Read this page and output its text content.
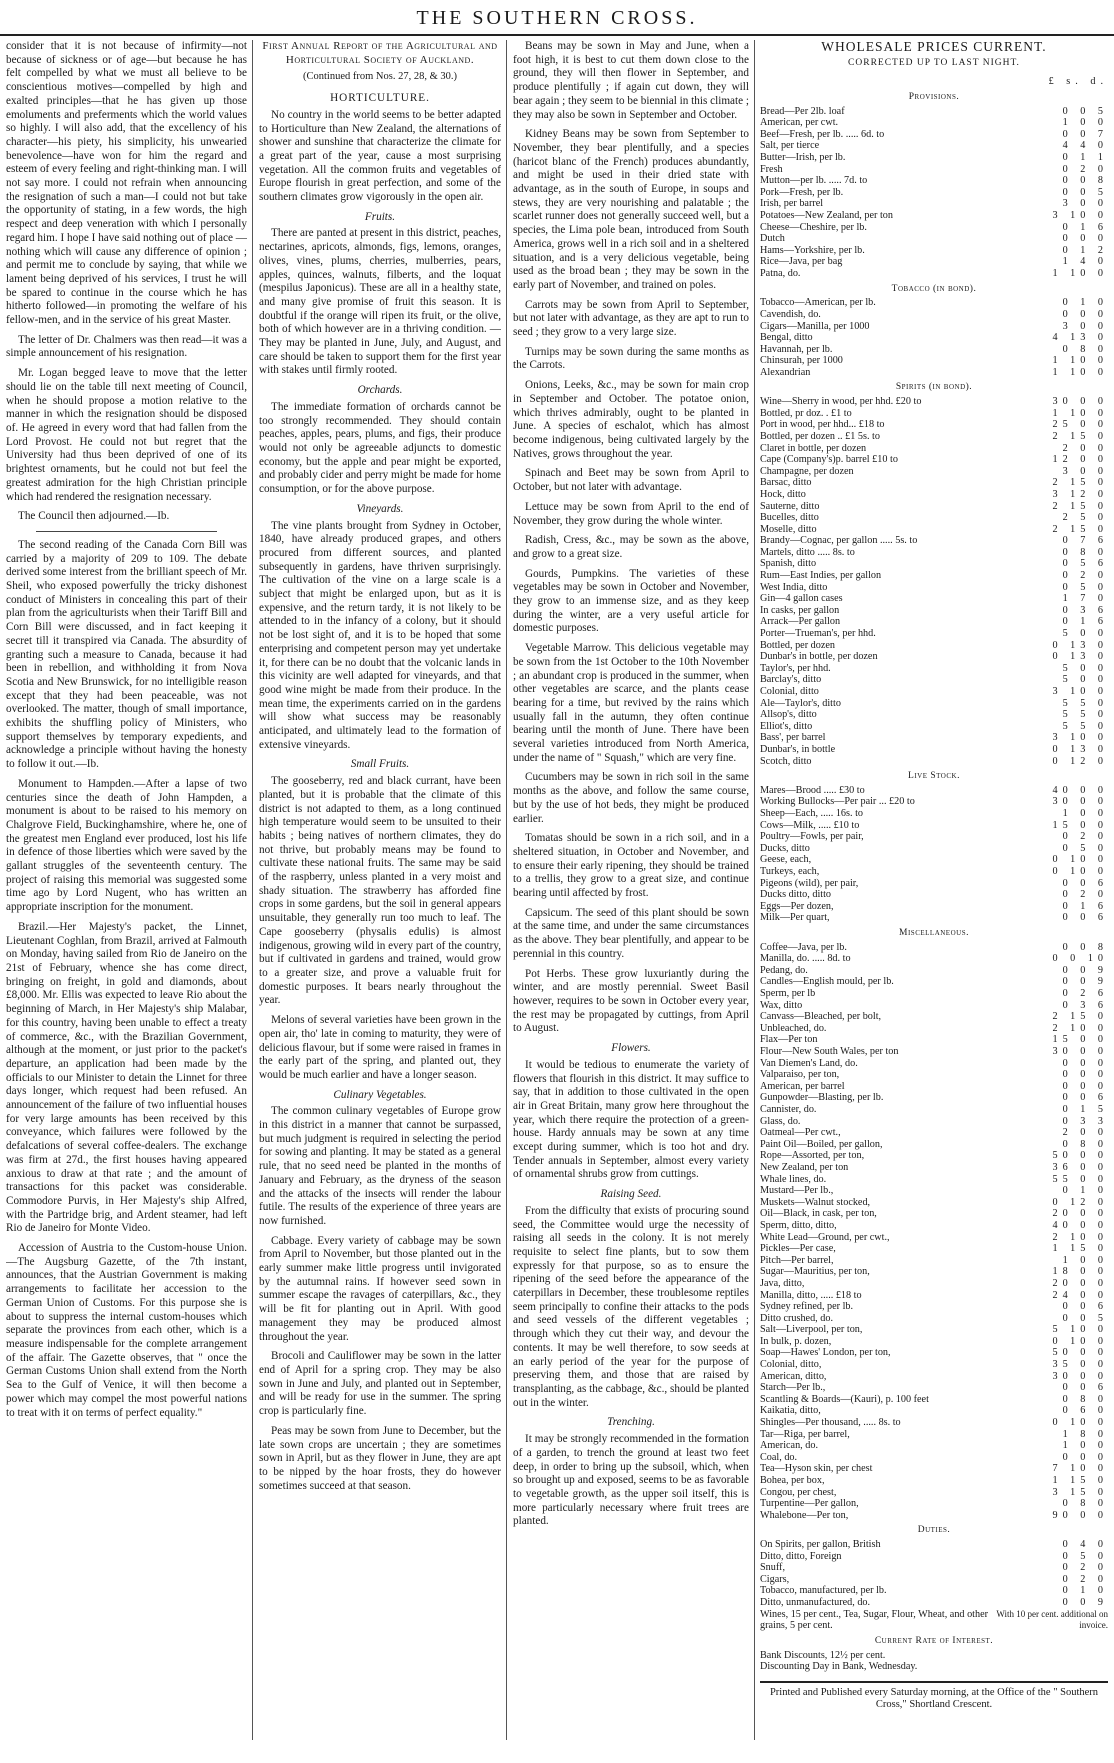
THE SOUTHERN CROSS.

consider that it is not because of infirmity—not because of sickness or of age—but because he has felt compelled by what we must all believe to be conscientious motives—compelled by high and exalted principles—that he has given up those emoluments and preferments which the world values so highly. I will also add, that the excellency of his character—his piety, his simplicity, his unwearied benevolence—have won for him the regard and esteem of every feeling and right-thinking man. I will not say more. I could not refrain when announcing the resignation of such a man—I could not but take the opportunity of stating, in a few words, the high respect and deep veneration with which I personally regard him. I hope I have said nothing out of place — nothing which will cause any difference of opinion ; and permit me to conclude by saying, that while we lament being deprived of his services, I trust he will be spared to continue in the course which he has hitherto followed—in promoting the welfare of his fellow-men, and in the service of his great Master.

The letter of Dr. Chalmers was then read—it was a simple announcement of his resignation.

Mr. Logan begged leave to move that the letter should lie on the table till next meeting of Council, when he should propose a motion relative to the manner in which the resignation should be disposed of. He agreed in every word that had fallen from the Lord Provost. He could not but regret that the University had thus been deprived of one of its brightest ornaments, but he could not but feel the greatest admiration for the high Christian principle which had rendered the resignation necessary.

The Council then adjourned.—Ib.

The second reading of the Canada Corn Bill was carried by a majority of 209 to 109. The debate derived some interest from the brilliant speech of Mr. Sheil, who exposed powerfully the tricky dishonest conduct of Ministers in concealing this part of their plan from the agriculturists when their Tariff Bill and Corn Bill were discussed, and in fact keeping it secret till it transpired via Canada. The absurdity of granting such a measure to Canada, because it had been in rebellion, and withholding it from Nova Scotia and New Brunswick, for no intelligible reason except that they had been peaceable, was not overlooked. The matter, though of small importance, exhibits the shuffling policy of Ministers, who support themselves by temporary expedients, and acknowledge a principle without having the honesty to follow it out.—Ib.

Monument to Hampden.—After a lapse of two centuries since the death of John Hampden, a monument is about to be raised to his memory on Chalgrove Field, Buckinghamshire, where he, one of the greatest men England ever produced, lost his life in defence of those liberties which were saved by the gallant struggles of the seventeenth century. The project of raising this memorial was suggested some time ago by Lord Nugent, who has written an appropriate inscription for the monument.

Brazil.—Her Majesty's packet, the Linnet, Lieutenant Coghlan, from Brazil, arrived at Falmouth on Monday, having sailed from Rio de Janeiro on the 21st of February, whence she has come direct, bringing on freight, in gold and diamonds, about £8,000. Mr. Ellis was expected to leave Rio about the beginning of March, in Her Majesty's ship Malabar, for this country, having been unable to effect a treaty of commerce, &c., with the Brazilian Government, although at the moment, or just prior to the packet's departure, an application had been made by the officials to our Minister to detain the Linnet for three days longer, which request had been refused. An announcement of the failure of two influential houses for very large amounts has been received by this conveyance, which failures were followed by the defalcations of several coffee-dealers. The exchange was firm at 27d., the first houses having appeared anxious to draw at that rate ; and the amount of transactions for this packet was considerable. Commodore Purvis, in Her Majesty's ship Alfred, with the Partridge brig, and Ardent steamer, had left Rio de Janeiro for Monte Video.

Accession of Austria to the Custom-house Union.—The Augsburg Gazette, of the 7th instant, announces, that the Austrian Government is making arrangements to facilitate her accession to the German Union of Customs. For this purpose she is about to suppress the internal custom-houses which separate the provinces from each other, which is a measure indispensable for the complete arrangement of the affair. The Gazette observes, that " once the German Customs Union shall extend from the North Sea to the Gulf of Venice, it will then become a power which may compel the most powerful nations to treat with it on terms of perfect equality."

First Annual Report of the Agricultural and Horticultural Society of Auckland.
(Continued from Nos. 27, 28, & 30.)
HORTICULTURE.

No country in the world seems to be better adapted to Horticulture than New Zealand, the alternations of shower and sunshine that characterize the climate for a great part of the year, cause a most surprising vegetation. All the common fruits and vegetables of Europe flourish in great perfection, and some of the southern climates grow vigorously in the open air.

Fruits.

There are panted at present in this district, peaches, nectarines, apricots, almonds, figs, lemons, oranges, olives, vines, plums, cherries, mulberries, pears, apples, quinces, walnuts, filberts, and the loquat (mespilus Japonicus). These are all in a healthy state, and many give promise of fruit this season. It is doubtful if the orange will ripen its fruit, or the olive, both of which however are in a thriving condition. — They may be planted in June, July, and August, and care should be taken to support them for the first year with stakes until firmly rooted.

Orchards.

The immediate formation of orchards cannot be too strongly recommended. They should contain peaches, apples, pears, plums, and figs, their produce would not only be agreeable adjuncts to domestic economy, but the apple and pear might be exported, and probably cider and perry might be made for home consumption, or for the above purpose.

Vineyards.

The vine plants brought from Sydney in October, 1840, have already produced grapes, and others procured from different sources, and planted subsequently in gardens, have thriven surprisingly. The cultivation of the vine on a large scale is a subject that might be enlarged upon, but as it is expensive, and the return tardy, it is not likely to be attended to in the infancy of a colony, but it should not be lost sight of, and it is to be hoped that some enterprising and competent person may yet undertake it, for there can be no doubt that the volcanic lands in this vicinity are well adapted for vineyards, and that good wine might be made from their produce. In the mean time, the experiments carried on in the gardens will show what success may be reasonably anticipated, and ultimately lead to the formation of extensive vineyards.

Small Fruits.

The gooseberry, red and black currant, have been planted, but it is probable that the climate of this district is not adapted to them, as a long continued high temperature would seem to be unsuited to their habits ; being natives of northern climates, they do not thrive, but probably means may be found to cultivate these national fruits. The same may be said of the raspberry, unless planted in a very moist and shady situation. The strawberry has afforded fine crops in some gardens, but the soil in general appears unsuitable, they generally run too much to leaf. The Cape gooseberry (physalis edulis) is almost indigenous, growing wild in every part of the country, but if cultivated in gardens and trained, would grow to a greater size, and prove a valuable fruit for domestic purposes. It bears nearly throughout the year.

Melons of several varieties have been grown in the open air, tho' late in coming to maturity, they were of delicious flavour, but if some were raised in frames in the early part of the spring, and planted out, they would be much earlier and have a longer season.

Culinary Vegetables.

The common culinary vegetables of Europe grow in this district in a manner that cannot be surpassed, but much judgment is required in selecting the period for sowing and planting. It may be stated as a general rule, that no seed need be planted in the months of January and February, as the dryness of the season and the attacks of the insects will render the labour futile. The results of the experience of three years are now furnished.

Cabbage. Every variety of cabbage may be sown from April to November, but those planted out in the early summer make little progress until invigorated by the autumnal rains. If however seed sown in summer escape the ravages of caterpillars, &c., they will be fit for planting out in April. With good management they may be produced almost throughout the year.

Brocoli and Cauliflower may be sown in the latter end of April for a spring crop. They may be also sown in June and July, and planted out in September, and will be ready for use in the summer. The spring crop is particularly fine.

Peas may be sown from June to December, but the late sown crops are uncertain ; they are sometimes sown in April, but as they flower in June, they are apt to be nipped by the hoar frosts, they do however sometimes succeed at that season.

Beans may be sown in May and June, when a foot high, it is best to cut them down close to the ground, they will then flower in September, and produce plentifully ; if again cut down, they will bear again ; they seem to be biennial in this climate ; they may also be sown in September and October.

Kidney Beans may be sown from September to November, they bear plentifully, and a species (haricot blanc of the French) produces abundantly, and might be used in their dried state with advantage, as in the south of Europe, in soups and stews, they are very nourishing and palatable ; the scarlet runner does not generally succeed well, but a species, the Lima pole bean, introduced from South America, grows well in a rich soil and in a sheltered situation, and is a very delicious vegetable, being used as the broad bean ; they may be sown in the early part of November, and trained on poles.

Carrots may be sown from April to September, but not later with advantage, as they are apt to run to seed ; they grow to a very large size.

Turnips may be sown during the same months as the Carrots.

Onions, Leeks, &c., may be sown for main crop in September and October. The potatoe onion, which thrives admirably, ought to be planted in June. A species of eschalot, which has almost become indigenous, being cultivated largely by the Natives, grows throughout the year.

Spinach and Beet may be sown from April to October, but not later with advantage.

Lettuce may be sown from April to the end of November, they grow during the whole winter.

Radish, Cress, &c., may be sown as the above, and grow to a great size.

Gourds, Pumpkins. The varieties of these vegetables may be sown in October and November, they grow to an immense size, and as they keep during the winter, are a very useful article for domestic purposes.

Vegetable Marrow. This delicious vegetable may be sown from the 1st October to the 10th November ; an abundant crop is produced in the summer, when other vegetables are scarce, and the plants cease bearing for a time, but revived by the rains which usually fall in the autumn, they often continue bearing until the month of June. There have been several varieties introduced from North America, under the name of " Squash," which are very fine.

Cucumbers may be sown in rich soil in the same months as the above, and follow the same course, but by the use of hot beds, they might be produced earlier.

Tomatas should be sown in a rich soil, and in a sheltered situation, in October and November, and to ensure their early ripening, they should be trained to a trellis, they grow to a great size, and continue bearing until affected by frost.

Capsicum. The seed of this plant should be sown at the same time, and under the same circumstances as the above. They bear plentifully, and appear to be perennial in this country.

Pot Herbs. These grow luxuriantly during the winter, and are mostly perennial. Sweet Basil however, requires to be sown in October every year, the rest may be propagated by cuttings, from April to August.

Flowers.

It would be tedious to enumerate the variety of flowers that flourish in this district. It may suffice to say, that in addition to those cultivated in the open air in Great Britain, many grow here throughout the year, which there require the protection of a green-house. Hardy annuals may be sown at any time except during summer, which is too hot and dry. Tender annuals in September, almost every variety of ornamental shrubs grow from cuttings.

Raising Seed.

From the difficulty that exists of procuring sound seed, the Committee would urge the necessity of raising all seeds in the colony. It is not merely requisite to select fine plants, but to sow them expressly for that purpose, so as to ensure the ripening of the seed before the appearance of the caterpillars in December, these troublesome reptiles seem principally to confine their attacks to the pods and seed vessels of the different vegetables ; through which they cut their way, and devour the contents. It may be well therefore, to sow seeds at an early period of the year for the purpose of preserving them, and those that are raised by transplanting, as the cabbage, &c., should be planted out in the winter.

Trenching.

It may be strongly recommended in the formation of a garden, to trench the ground at least two feet deep, in order to bring up the subsoil, which, when so brought up and exposed, seems to be as favorable to vegetable growth, as the upper soil itself, this is more particularly necessary where fruit trees are planted.

WHOLESALE PRICES CURRENT.
CORRECTED UP TO LAST NIGHT.
£ s. d.
Provisions.
Bread—Per 2lb. loaf	0 0 5
American, per cwt.	1 0 0
Beef—Fresh, per lb. ..... 6d. to	0 0 7
Salt, per tierce	4 4 0
Butter—Irish, per lb.	0 1 1
Fresh	0 2 0
Mutton—per lb. ..... 7d. to	0 0 8
Pork—Fresh, per lb.	0 0 5
Irish, per barrel	3 0 0
Potatoes—New Zealand, per ton	3 10 0
Cheese—Cheshire, per lb.	0 1 6
Dutch	0 0 0
Hams—Yorkshire, per lb.	0 1 2
Rice—Java, per bag	1 4 0
Patna, do.	1 10 0
Tobacco (in bond).
Tobacco—American, per lb.	0 1 0
Cavendish, do.	0 0 0
Cigars—Manilla, per 1000	3 0 0
Bengal, ditto	4 13 0
Havannah, per lb.	0 8 0
Chinsurah, per 1000	1 10 0
Alexandrian	1 10 0
Spirits (in bond).
Wine—Sherry in wood, per hhd. £20 to	30 0 0
Bottled, pr doz. . £1 to	1 10 0
Port in wood, per hhd... £18 to	25 0 0
Bottled, per dozen .. £1 5s. to	2 15 0
Claret in bottle, per dozen	2 0 0
Cape (Company's)p. barrel £10 to	12 0 0
Champagne, per dozen	3 0 0
Barsac, ditto	2 15 0
Hock, ditto	3 12 0
Sauterne, ditto	2 15 0
Bucelles, ditto	2 5 0
Moselle, ditto	2 15 0
Brandy—Cognac, per gallon ..... 5s. to	0 7 6
Martels, ditto ..... 8s. to	0 8 0
Spanish, ditto	0 5 6
Rum—East Indies, per gallon	0 2 0
West India, ditto	0 5 0
Gin—4 gallon cases	1 7 0
In casks, per gallon	0 3 6
Arrack—Per gallon	0 1 6
Porter—Trueman's, per hhd.	5 0 0
Bottled, per dozen	0 13 0
Dunbar's in bottle, per dozen	0 13 0
Taylor's, per hhd.	5 0 0
Barclay's, ditto	5 0 0
Colonial, ditto	3 10 0
Ale—Taylor's, ditto	5 5 0
Allsop's, ditto	5 5 0
Elliot's, ditto	5 5 0
Bass', per barrel	3 10 0
Dunbar's, in bottle	0 13 0
Scotch, ditto	0 12 0
Live Stock.
Mares—Brood ..... £30 to	40 0 0
Working Bullocks—Per pair ... £20 to	30 0 0
Sheep—Each, ..... 16s. to	1 0 0
Cows—Milk, ..... £10 to	15 0 0
Poultry—Fowls, per pair,	0 2 0
Ducks, ditto	0 5 0
Geese, each,	0 10 0
Turkeys, each,	0 10 0
Pigeons (wild), per pair,	0 0 6
Ducks ditto, ditto	0 2 0
Eggs—Per dozen,	0 1 6
Milk—Per quart,	0 0 6
Miscellaneous.
Coffee—Java, per lb.	0 0 8
Manilla, do. ..... 8d. to	0 0 10
Pedang, do.	0 0 9
Candles—English mould, per lb.	0 0 9
Sperm, per lb	0 2 6
Wax, ditto	0 3 6
Canvass—Bleached, per bolt,	2 15 0
Unbleached, do.	2 10 0
Flax—Per ton	15 0 0
Flour—New South Wales, per ton	30 0 0
Van Diemen's Land, do.	0 0 0
Valparaiso, per ton,	0 0 0
American, per barrel	0 0 0
Gunpowder—Blasting, per lb.	0 0 6
Cannister, do.	0 1 5
Glass, do.	0 3 3
Oatmeal—Per cwt.,	2 0 0
Paint Oil—Boiled, per gallon,	0 8 0
Rope—Assorted, per ton,	50 0 0
New Zealand, per ton	36 0 0
Whale lines, do.	55 0 0
Mustard—Per lb.,	0 1 0
Muskets—Walnut stocked,	0 12 0
Oil—Black, in cask, per ton,	20 0 0
Sperm, ditto, ditto,	40 0 0
White Lead—Ground, per cwt.,	2 10 0
Pickles—Per case,	1 15 0
Pitch—Per barrel,	1 0 0
Sugar—Mauritius, per ton,	18 0 0
Java, ditto,	20 0 0
Manilla, ditto, ..... £18 to	24 0 0
Sydney refined, per lb.	0 0 6
Ditto crushed, do.	0 0 5
Salt—Liverpool, per ton,	5 10 0
In bulk, p. dozen,	0 10 0
Soap—Hawes' London, per ton,	50 0 0
Colonial, ditto,	35 0 0
American, ditto,	30 0 0
Starch—Per lb.,	0 0 6
Scantling & Boards—(Kauri), p. 100 feet	0 8 0
Kaikatia, ditto,	0 6 0
Shingles—Per thousand, ..... 8s. to	0 10 0
Tar—Riga, per barrel,	1 8 0
American, do.	1 0 0
Coal, do.	0 0 0
Tea—Hyson skin, per chest	7 10 0
Bohea, per box,	1 15 0
Congou, per chest,	3 15 0
Turpentine—Per gallon,	0 8 0
Whalebone—Per ton,	90 0 0
Duties.
On Spirits, per gallon, British	0 4 0
Ditto, ditto, Foreign	0 5 0
Snuff,	0 2 0
Cigars,	0 2 0
Tobacco, manufactured, per lb.	0 1 0
Ditto, unmanufactured, do.	0 0 9
Wines, 15 per cent., Tea, Sugar, Flour, Wheat, and other grains, 5 per cent.
With 10 per cent. additional on invoice.
Current Rate of Interest.
Bank Discounts, 12½ per cent.
Discounting Day in Bank, Wednesday.
Printed and Published every Saturday morning, at the Office of the " Southern Cross," Shortland Crescent.
